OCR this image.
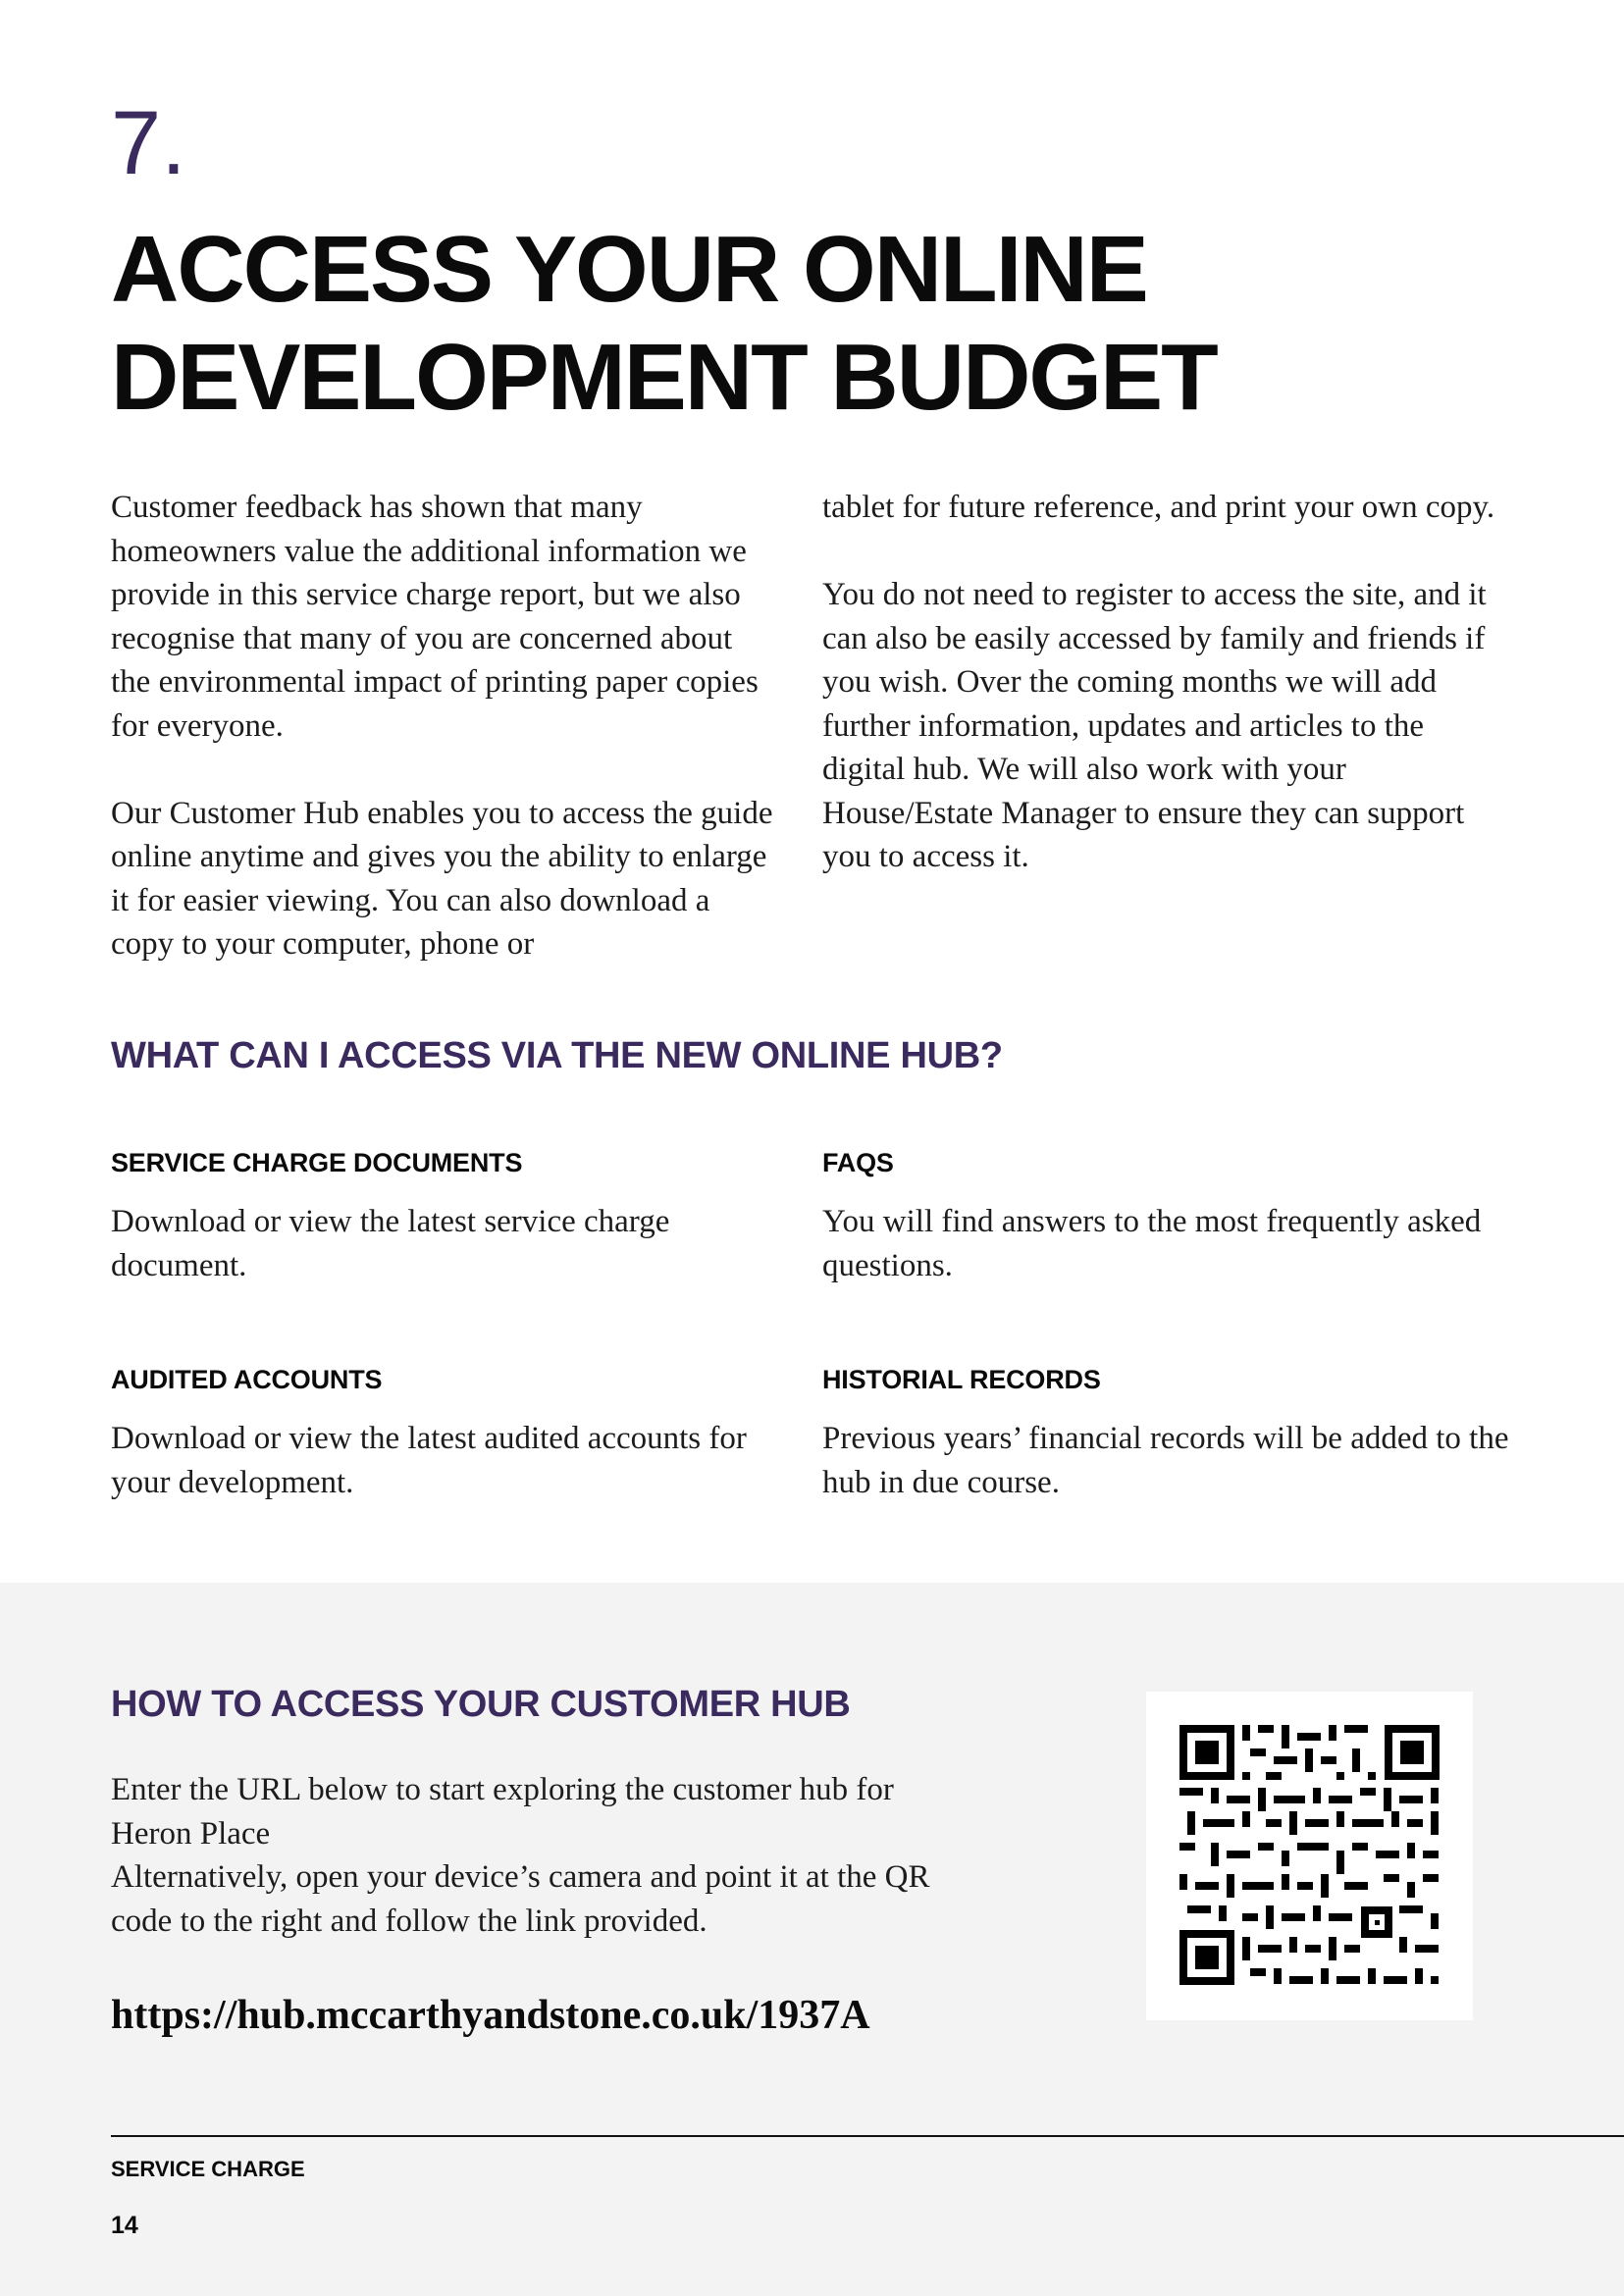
7.
ACCESS YOUR ONLINE
DEVELOPMENT BUDGET

Customer feedback has shown that many homeowners value the additional information we provide in this service charge report, but we also recognise that many of you are concerned about the environmental impact of printing paper copies for everyone.

Our Customer Hub enables you to access the guide online anytime and gives you the ability to enlarge it for easier viewing. You can also download a copy to your computer, phone or

tablet for future reference, and print your own copy.

You do not need to register to access the site, and it can also be easily accessed by family and friends if you wish. Over the coming months we will add further information, updates and articles to the digital hub. We will also work with your House/Estate Manager to ensure they can support you to access it.

WHAT CAN I ACCESS VIA THE NEW ONLINE HUB?
SERVICE CHARGE DOCUMENTS
Download or view the latest service charge document.
FAQS
You will find answers to the most frequently asked questions.
AUDITED ACCOUNTS
Download or view the latest audited accounts for your development.
HISTORIAL RECORDS
Previous years’ financial records will be added to the hub in due course.
HOW TO ACCESS YOUR CUSTOMER HUB
Enter the URL below to start exploring the customer hub for Heron Place
Alternatively, open your device’s camera and point it at the QR code to the right and follow the link provided.
https://hub.mccarthyandstone.co.uk/1937A
SERVICE CHARGE
14
